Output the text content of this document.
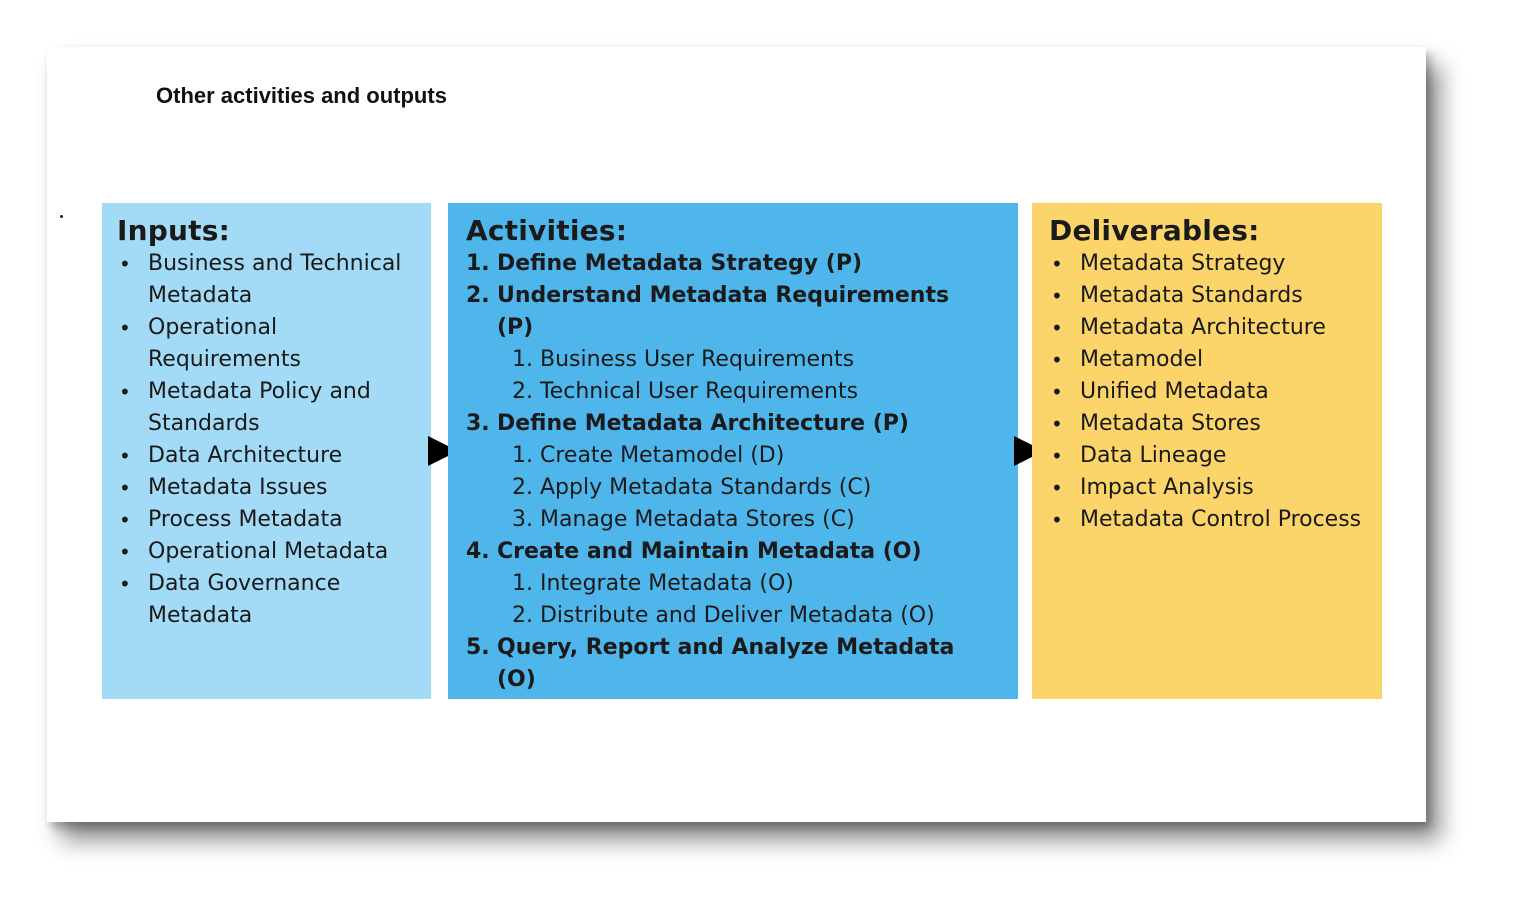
Other activities and outputs
Inputs:
• Business and Technical
Metadata
• Operational
Requirements
• Metadata Policy and
Standards
• Data Architecture
• Metadata Issues
• Process Metadata
• Operational Metadata
• Data Governance
Metadata
Activities:
1. Define Metadata Strategy (P)
2. Understand Metadata Requirements
(P)
1. Business User Requirements
2. Technical User Requirements
3. Define Metadata Architecture (P)
1. Create Metamodel (D)
2. Apply Metadata Standards (C)
3. Manage Metadata Stores (C)
4. Create and Maintain Metadata (O)
1. Integrate Metadata (O)
2. Distribute and Deliver Metadata (O)
5. Query, Report and Analyze Metadata
(O)
Deliverables:
• Metadata Strategy
• Metadata Standards
• Metadata Architecture
• Metamodel
• Unified Metadata
• Metadata Stores
• Data Lineage
• Impact Analysis
• Metadata Control Process
